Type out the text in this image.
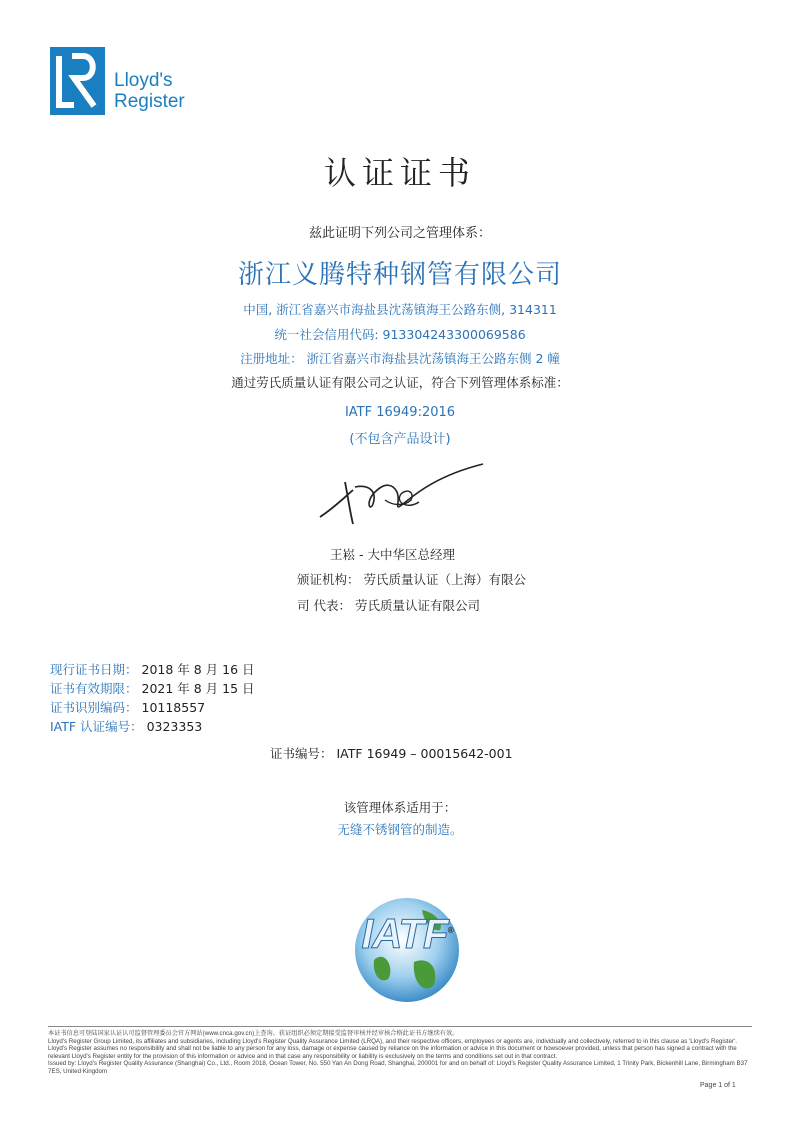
Lloyd's
Register
认证证书
兹此证明下列公司之管理体系：
浙江义腾特种钢管有限公司
中国, 浙江省嘉兴市海盐县沈荡镇海王公路东侧, 314311
统一社会信用代码: 913304243300069586
注册地址： 浙江省嘉兴市海盐县沈荡镇海王公路东侧 2 幢
通过劳氏质量认证有限公司之认证，符合下列管理体系标准：
IATF 16949:2016
(不包含产品设计)
王崧 - 大中华区总经理
颁证机构： 劳氏质量认证（上海）有限公
司 代表： 劳氏质量认证有限公司
现行证书日期： 2018 年 8 月 16 日
证书有效期限： 2021 年 8 月 15 日
证书识别编码： 10118557
IATF 认证编号： 0323353
证书编号： IATF 16949 – 00015642-001
该管理体系适用于：
无缝不锈钢管的制造。
IATF®
本证书信息可登陆国家认证认可监督管理委员会官方网站(www.cnca.gov.cn)上查询。获证组织必须定期接受监督审核并经审核合格此证书方继续有效。
Lloyd's Register Group Limited, its affiliates and subsidiaries, including Lloyd's Register Quality Assurance Limited (LRQA), and their respective officers, employees or agents are, individually and collectively, referred to in this clause as 'Lloyd's Register'. Lloyd's Register assumes no responsibility and shall not be liable to any person for any loss, damage or expense caused by reliance on the information or advice in this document or howsoever provided, unless that person has signed a contract with the relevant Lloyd's Register entity for the provision of this information or advice and in that case any responsibility or liability is exclusively on the terms and conditions set out in that contract.
Issued by: Lloyd's Register Quality Assurance (Shanghai) Co., Ltd., Room 2018, Ocean Tower, No. 550 Yan An Dong Road, Shanghai, 200001 for and on behalf of: Lloyd's Register Quality Assurance Limited, 1 Trinity Park, Bickenhill Lane, Birmingham B37 7ES, United Kingdom
Page 1 of 1
